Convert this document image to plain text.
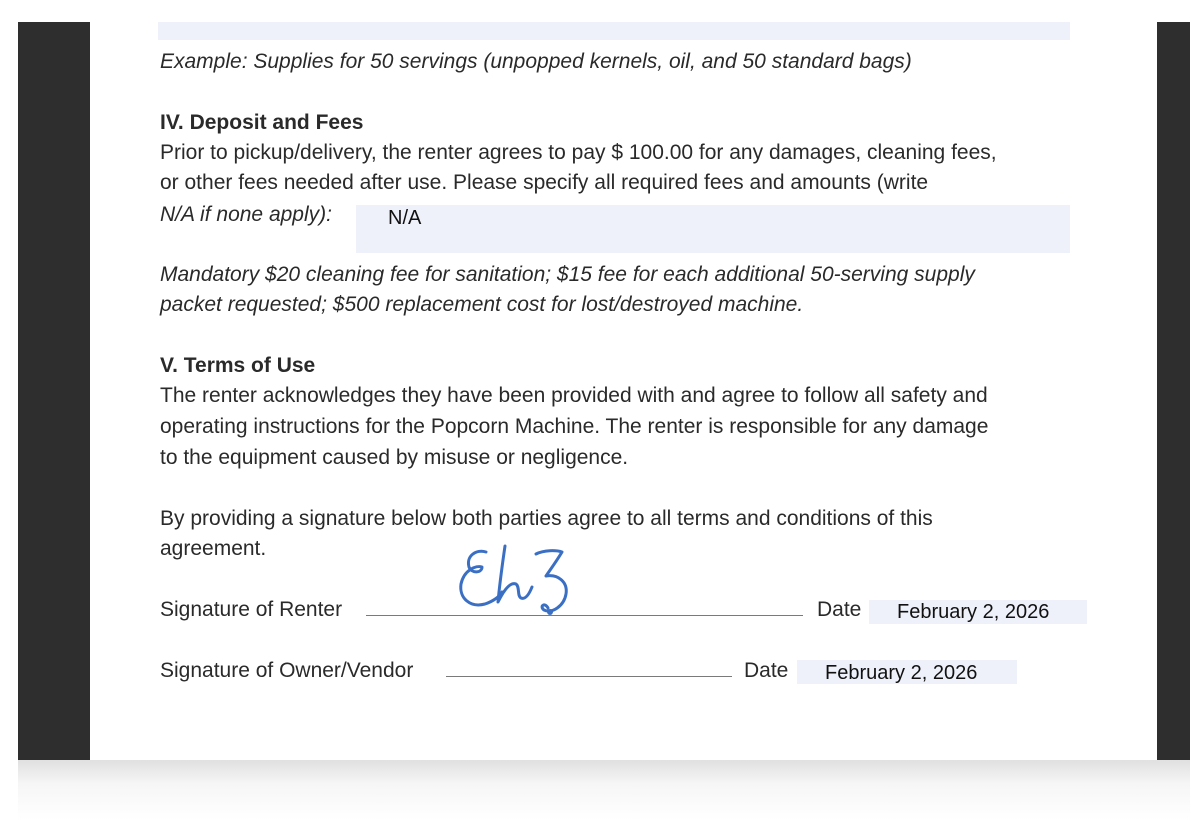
Example: Supplies for 50 servings (unpopped kernels, oil, and 50 standard bags)
IV. Deposit and Fees
Prior to pickup/delivery, the renter agrees to pay $ 100.00 for any damages, cleaning fees,
or other fees needed after use. Please specify all required fees and amounts (write
N/A if none apply):	N/A
Mandatory $20 cleaning fee for sanitation; $15 fee for each additional 50-serving supply
packet requested; $500 replacement cost for lost/destroyed machine.
V. Terms of Use
The renter acknowledges they have been provided with and agree to follow all safety and
operating instructions for the Popcorn Machine. The renter is responsible for any damage
to the equipment caused by misuse or negligence.
By providing a signature below both parties agree to all terms and conditions of this
agreement.
Signature of Renter	Date February 2, 2026
Signature of Owner/Vendor	Date February 2, 2026
